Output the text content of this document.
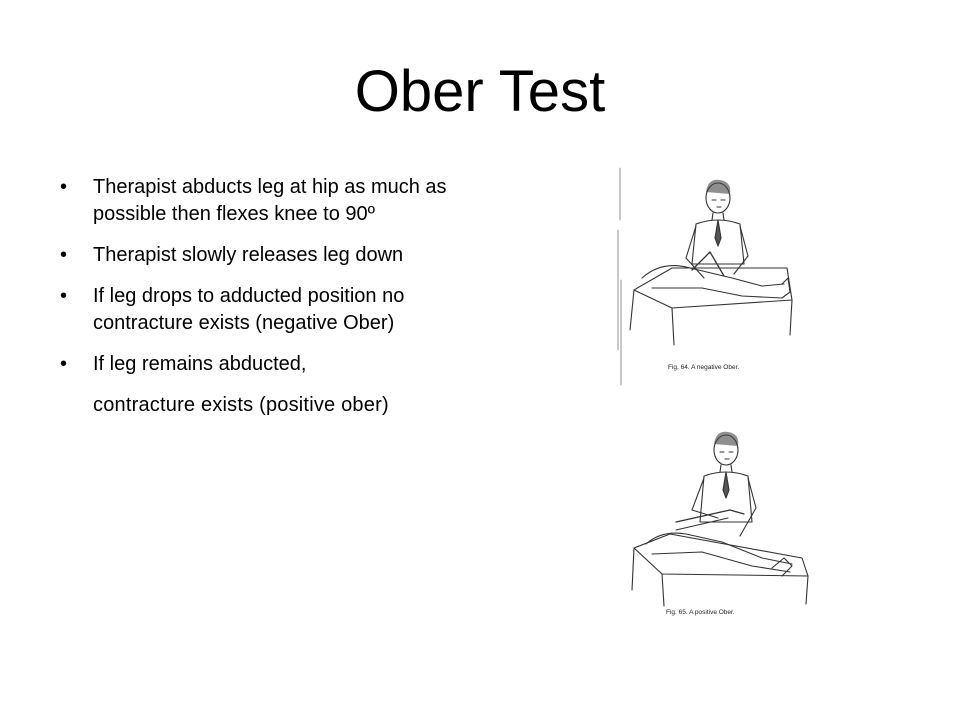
Ober Test
•	Therapist abducts leg at hip as much as possible then flexes knee to 90º
•	Therapist slowly releases leg down
•	If leg drops to adducted position no contracture exists (negative Ober)
•	If leg remains abducted,
contracture exists (positive ober)
Fig. 64. A negative Ober.
Fig. 65. A positive Ober.
